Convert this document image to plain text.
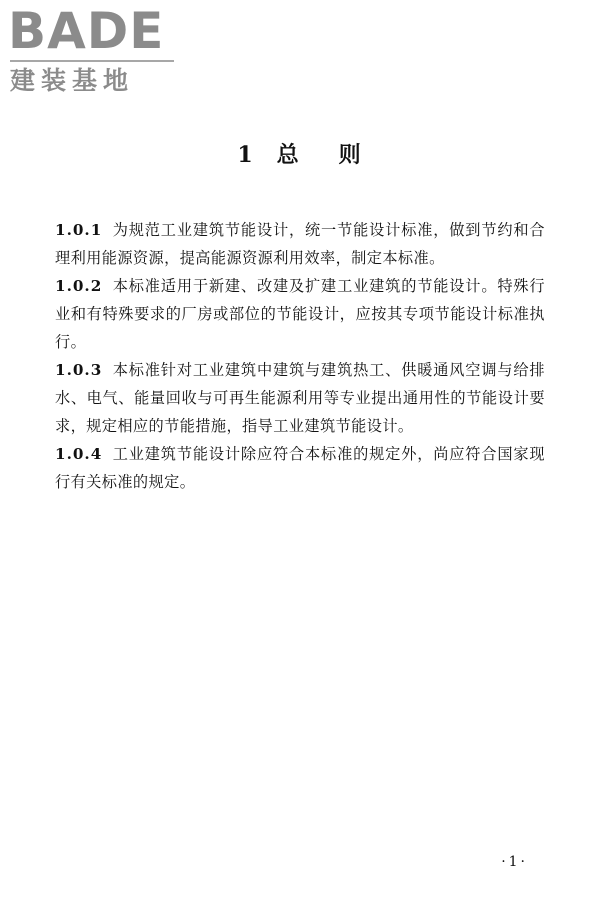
BADE
建装基地
1 总 则

1.0.1 为规范工业建筑节能设计，统一节能设计标准，做到节约和合理利用能源资源，提高能源资源利用效率，制定本标准。

1.0.2 本标准适用于新建、改建及扩建工业建筑的节能设计。特殊行业和有特殊要求的厂房或部位的节能设计，应按其专项节能设计标准执行。

1.0.3 本标准针对工业建筑中建筑与建筑热工、供暖通风空调与给排水、电气、能量回收与可再生能源利用等专业提出通用性的节能设计要求，规定相应的节能措施，指导工业建筑节能设计。

1.0.4 工业建筑节能设计除应符合本标准的规定外，尚应符合国家现行有关标准的规定。

·1·
